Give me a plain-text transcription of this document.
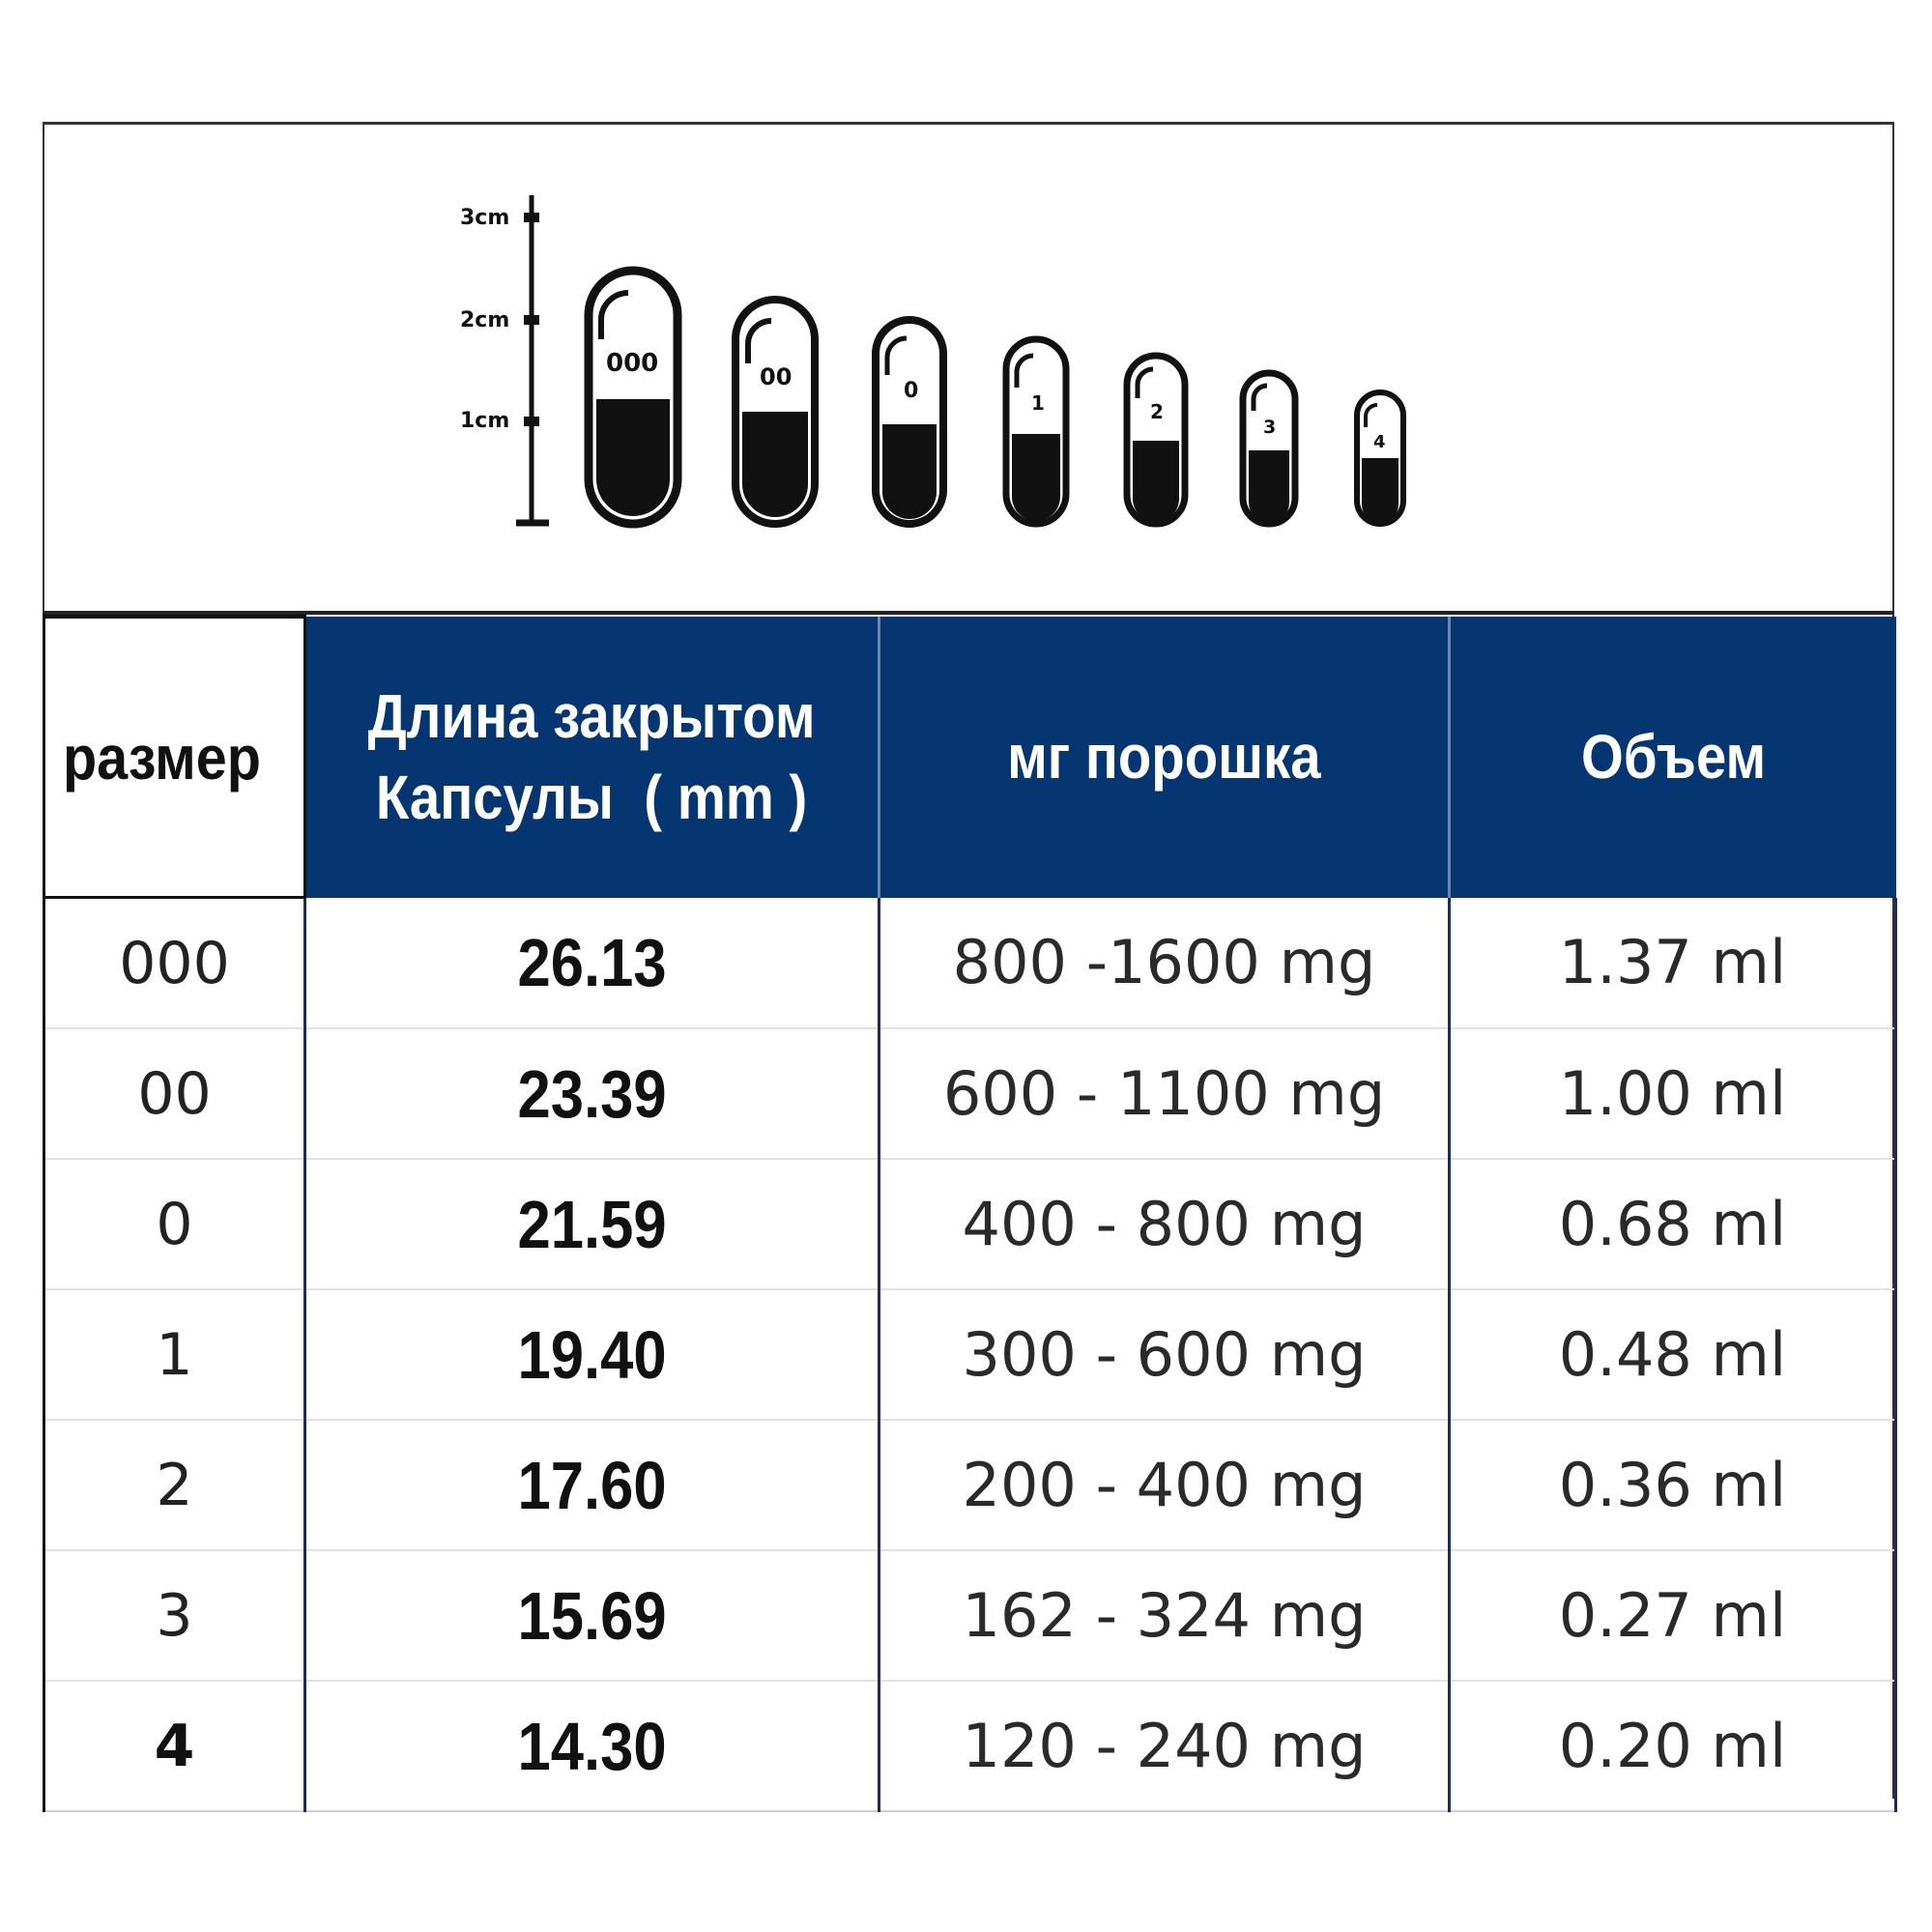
3cm
2cm
1cm
000	00
0	1	2
3
4
размер	Длина закрытом
Капсулы  ( mm )	мг порошка	Объем
000	26.13	800 -1600 mg	1.37 ml
00	23.39	600 - 1100 mg	1.00 ml
0	21.59	400 - 800 mg	0.68 ml
1	19.40	300 - 600 mg	0.48 ml
2	17.60	200 - 400 mg	0.36 ml
3	15.69	162 - 324 mg	0.27 ml
4	14.30	120 - 240 mg	0.20 ml
